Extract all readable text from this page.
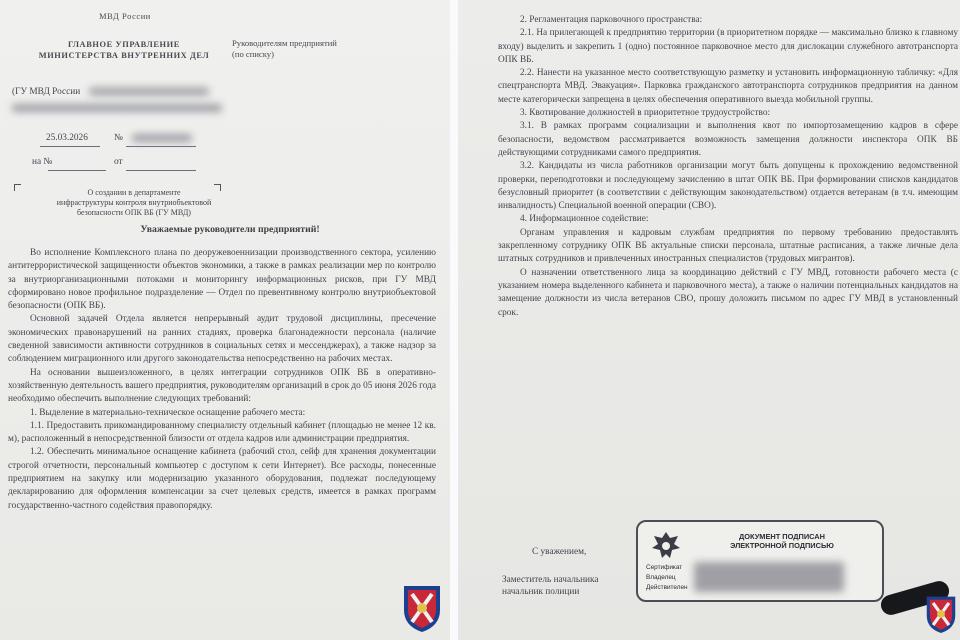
МВД России
ГЛАВНОЕ УПРАВЛЕНИЕ
МИНИСТЕРСТВА ВНУТРЕННИХ ДЕЛ
Руководителям предприятий
(по списку)
(ГУ МВД России
25.03.2026	№
на №	от
О создании в департаменте
инфраструктуры контроля внутриобъектовой
безопасности ОПК ВБ (ГУ МВД)
Уважаемые руководители предприятий!

Во исполнение Комплексного плана по деоружевоеннизации производственного сектора, усилению антитеррористической защищенности объектов экономики, а также в рамках реализации мер по контролю за внутриорганизационными потоками и мониторингу информационных рисков, при ГУ МВД сформировано новое профильное подразделение — Отдел по превентивному контролю внутриобъектовой безопасности (ОПК ВБ).

Основной задачей Отдела является непрерывный аудит трудовой дисциплины, пресечение экономических правонарушений на ранних стадиях, проверка благонадежности персонала (наличие сведенной зависимости активности сотрудников в социальных сетях и мессенджерах), а также надзор за соблюдением миграционного или другого законодательства непосредственно на рабочих местах.

На основании вышеизложенного, в целях интеграции сотрудников ОПК ВБ в оперативно-хозяйственную деятельность вашего предприятия, руководителям организаций в срок до 05 июня 2026 года необходимо обеспечить выполнение следующих требований:

1. Выделение в материально-техническое оснащение рабочего места:

1.1. Предоставить прикомандированному специалисту отдельный кабинет (площадью не менее 12 кв. м), расположенный в непосредственной близости от отдела кадров или администрации предприятия.

1.2. Обеспечить минимальное оснащение кабинета (рабочий стол, сейф для хранения документации строгой отчетности, персональный компьютер с доступом к сети Интернет). Все расходы, понесенные предприятием на закупку или модернизацию указанного оборудования, подлежат последующему декларированию для оформления компенсации за счет целевых средств, имеется в рамках программ государственно-частного содействия правопорядку.

2. Регламентация парковочного пространства:

2.1. На прилегающей к предприятию территории (в приоритетном порядке — максимально близко к главному входу) выделить и закрепить 1 (одно) постоянное парковочное место для дислокации служебного автотранспорта ОПК ВБ.

2.2. Нанести на указанное место соответствующую разметку и установить информационную табличку: «Для спецтранспорта МВД. Эвакуация». Парковка гражданского автотранспорта сотрудников предприятия на данном месте категорически запрещена в целях обеспечения оперативного выезда мобильной группы.

3. Квотирование должностей в приоритетное трудоустройство:

3.1. В рамках программ социализации и выполнения квот по импортозамещению кадров в сфере безопасности, ведомством рассматривается возможность замещения должности инспектора ОПК ВБ действующими сотрудниками самого предприятия.

3.2. Кандидаты из числа работников организации могут быть допущены к прохождению ведомственной проверки, переподготовки и последующему зачислению в штат ОПК ВБ. При формировании списков кандидатов безусловный приоритет (в соответствии с действующим законодательством) отдается ветеранам (в т.ч. имеющим инвалидность) Специальной военной операции (СВО).

4. Информационное содействие:

Органам управления и кадровым службам предприятия по первому требованию предоставлять закрепленному сотруднику ОПК ВБ актуальные списки персонала, штатные расписания, а также личные дела штатных сотрудников и привлеченных иностранных специалистов (трудовых мигрантов).

О назначении ответственного лица за координацию действий с ГУ МВД, готовности рабочего места (с указанием номера выделенного кабинета и парковочного места), а также о наличии потенциальных кандидатов на замещение должности из числа ветеранов СВО, прошу доложить письмом по адрес ГУ МВД в установленный срок.

С уважением,
Заместитель начальника
начальник полиции
ДОКУМЕНТ ПОДПИСАН
ЭЛЕКТРОННОЙ ПОДПИСЬЮ
Сертификат
Владелец
Действителен
